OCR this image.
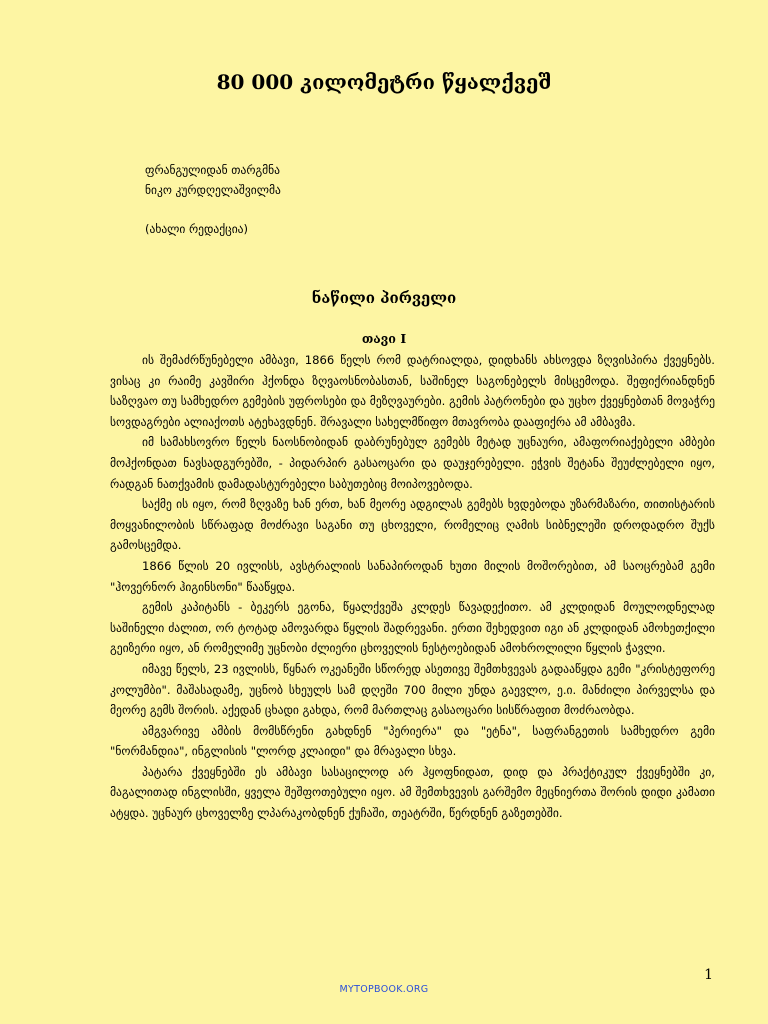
80 000 კილომეტრი წყალქვეშ
ფრანგულიდან თარგმნა
ნიკო კურდღელაშვილმა
(ახალი რედაქცია)
ნაწილი პირველი
თავი I

ის შემაძრწუნებელი ამბავი, 1866 წელს რომ დატრიალდა, დიდხანს ახსოვდა ზღვისპირა ქვეყნებს. ვისაც კი რაიმე კავშირი ჰქონდა ზღვაოსნობასთან, საშინელ საგონებელს მისცემოდა. შეფიქრიანდნენ საზღვაო თუ სამხედრო გემების უფროსები და მეზღვაურები. გემის პატრონები და უცხო ქვეყნებთან მოვაჭრე სოვდაგრები ალიაქოთს ატეხავდნენ. შრავალი სახელმწიფო მთავრობა დააფიქრა ამ ამბავმა.

იმ სამახსოვრო წელს ნაოსნობიდან დაბრუნებულ გემებს მეტად უცნაური, ამაფორიაქებელი ამბები მოჰქონდათ ნავსადგურებში, - პიდარპირ გასაოცარი და დაუჯერებელი. ეჭვის შეტანა შეუძლებელი იყო, რადგან ნათქვამის დამადასტურებელი საბუთებიც მოიპოვებოდა.

საქმე ის იყო, რომ ზღვაზე ხან ერთ, ხან მეორე ადგილას გემებს ხვდებოდა უზარმაზარი, თითისტარის მოყვანილობის სწრაფად მოძრავი საგანი თუ ცხოველი, რომელიც ღამის სიბნელეში დროდადრო შუქს გამოსცემდა.

1866 წლის 20 ივლისს, ავსტრალიის სანაპიროდან ხუთი მილის მოშორებით, ამ საოცრებამ გემი "ჰოვერნორ ჰიგინსონი" წააწყდა.

გემის კაპიტანს - ბეკერს ეგონა, წყალქვეშა კლდეს წავადექითო. ამ კლდიდან მოულოდნელად საშინელი ძალით, ორ ტოტად ამოვარდა წყლის შადრევანი. ერთი შეხედვით იგი ან კლდიდან ამოხეთქილი გეიზერი იყო, ან რომელიმე უცნობი ძლიერი ცხოველის ნესტოებიდან ამოხროლილი წყლის ჭავლი.

იმავე წელს, 23 ივლისს, წყნარ ოკეანეში სწორედ ასეთივე შემთხვევას გადააწყდა გემი "კრისტეფორე კოლუმბი". მაშასადამე, უცნობ სხეულს სამ დღეში 700 მილი უნდა გაევლო, ე.ი. მანძილი პირველსა და მეორე გემს შორის. აქედან ცხადი გახდა, რომ მართლაც გასაოცარი სისწრაფით მოძრაობდა.

ამგვარივე ამბის მომსწრენი გახდნენ "პერიერა" და "ეტნა", საფრანგეთის სამხედრო გემი "ნორმანდია", ინგლისის "ლორდ კლაიდი" და მრავალი სხვა.

პატარა ქვეყნებში ეს ამბავი სასაცილოდ არ ჰყოფნიდათ, დიდ და პრაქტიკულ ქვეყნებში კი, მაგალითად ინგლისში, ყველა შეშფოთებული იყო. ამ შემთხვევის გარშემო მეცნიერთა შორის დიდი კამათი ატყდა. უცნაურ ცხოველზე ლპარაკობდნენ ქუჩაში, თეატრში, წერდნენ გაზეთებში.

1
MYTOPBOOK.ORG
